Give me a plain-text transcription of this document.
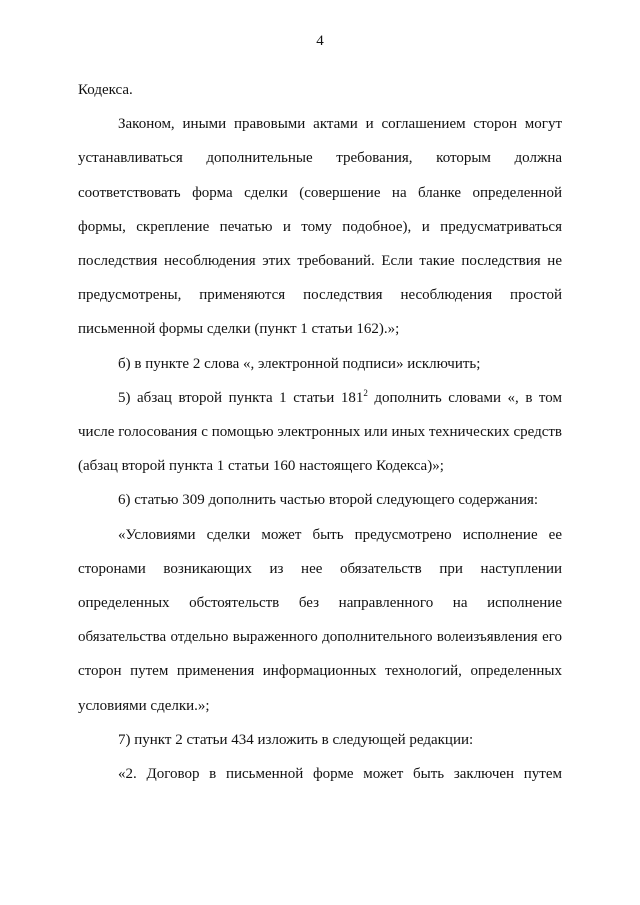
4

Кодекса.

Законом, иными правовыми актами и соглашением сторон могут
устанавливаться дополнительные требования, которым должна
соответствовать форма сделки (совершение на бланке определенной
формы, скрепление печатью и тому подобное), и предусматриваться
последствия несоблюдения этих требований. Если такие последствия не
предусмотрены, применяются последствия несоблюдения простой
письменной формы сделки (пункт 1 статьи 162).»;

б) в пункте 2 слова «, электронной подписи» исключить;

5) абзац второй пункта 1 статьи $181^2$ дополнить словами «, в том
числе голосования с помощью электронных или иных технических средств
(абзац второй пункта 1 статьи 160 настоящего Кодекса)»;

6) статью 309 дополнить частью второй следующего содержания:

«Условиями сделки может быть предусмотрено исполнение ее
сторонами возникающих из нее обязательств при наступлении
определенных обстоятельств без направленного на исполнение
обязательства отдельно выраженного дополнительного волеизъявления его
сторон путем применения информационных технологий, определенных
условиями сделки.»;

7) пункт 2 статьи 434 изложить в следующей редакции:

«2. Договор в письменной форме может быть заключен путем
